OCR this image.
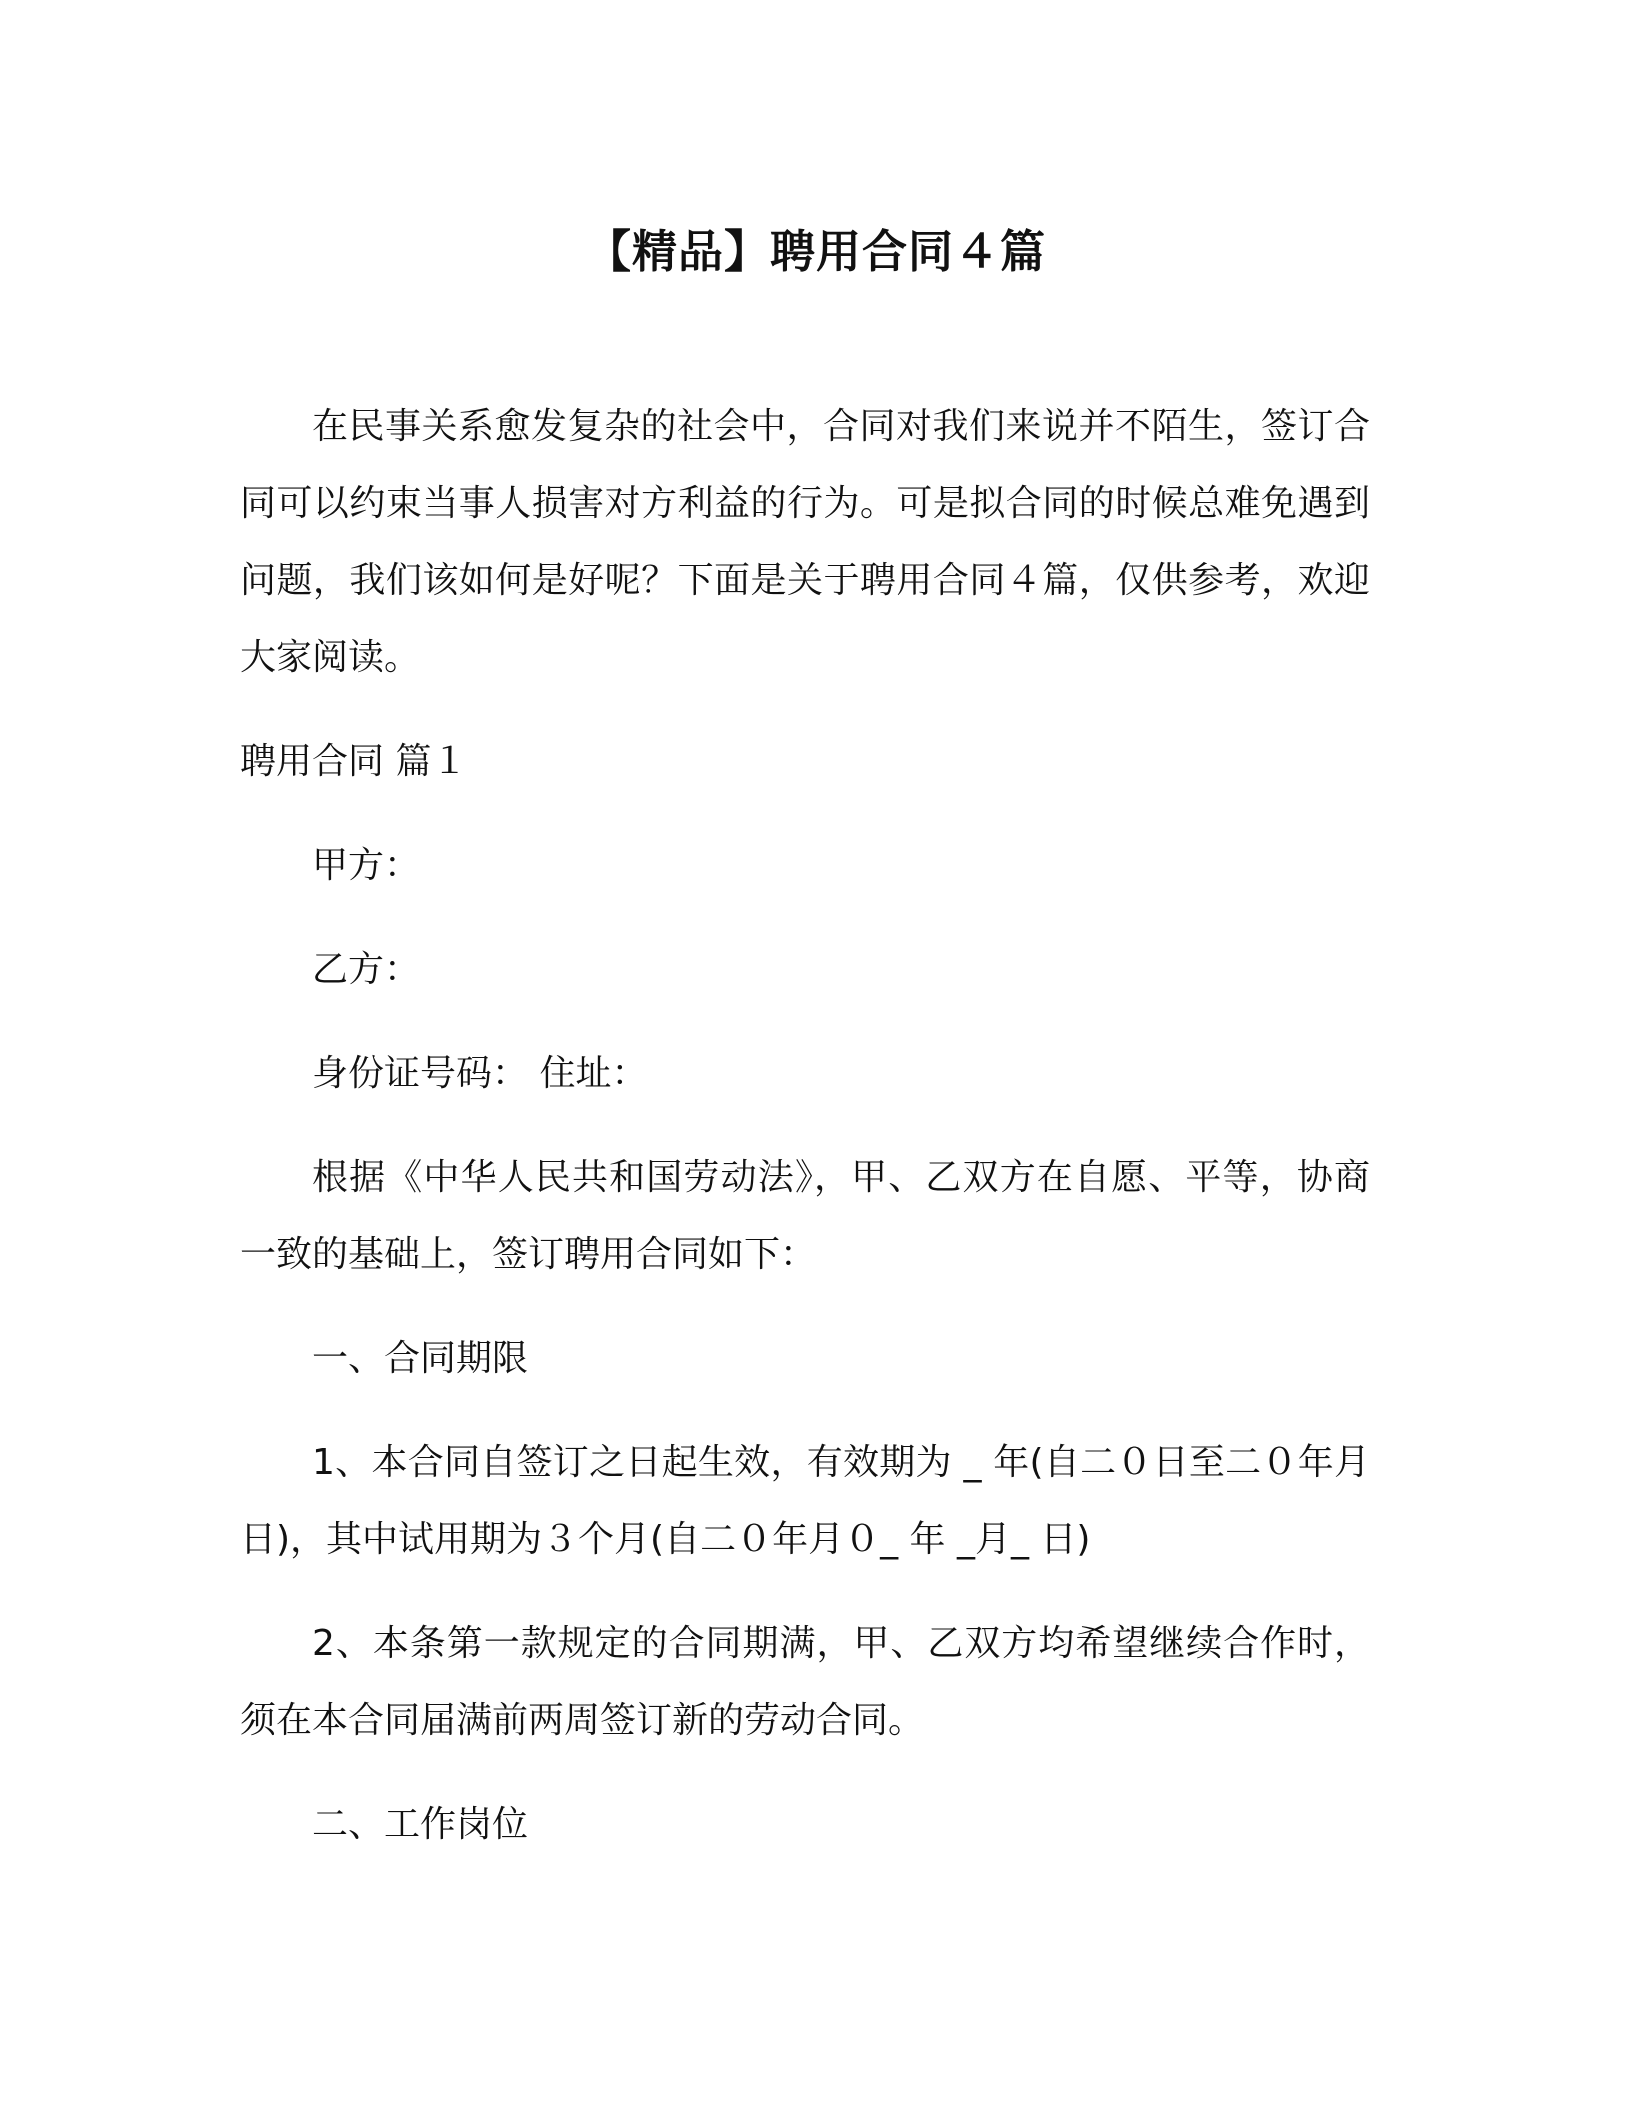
【精品】聘用合同４篇

在民事关系愈发复杂的社会中，合同对我们来说并不陌生，签订合同可以约束当事人损害对方利益的行为。可是拟合同的时候总难免遇到问题，我们该如何是好呢？下面是关于聘用合同４篇，仅供参考，欢迎大家阅读。

聘用合同 篇１

甲方：

乙方：

身份证号码： 住址：

根据《中华人民共和国劳动法》，甲、乙双方在自愿、平等，协商一致的基础上，签订聘用合同如下：

一、合同期限

1、本合同自签订之日起生效，有效期为 _ 年(自二０日至二０年月 日)，其中试用期为３个月(自二０年月０_ 年 _月_ 日)

2、本条第一款规定的合同期满，甲、乙双方均希望继续合作时，须在本合同届满前两周签订新的劳动合同。

二、工作岗位
